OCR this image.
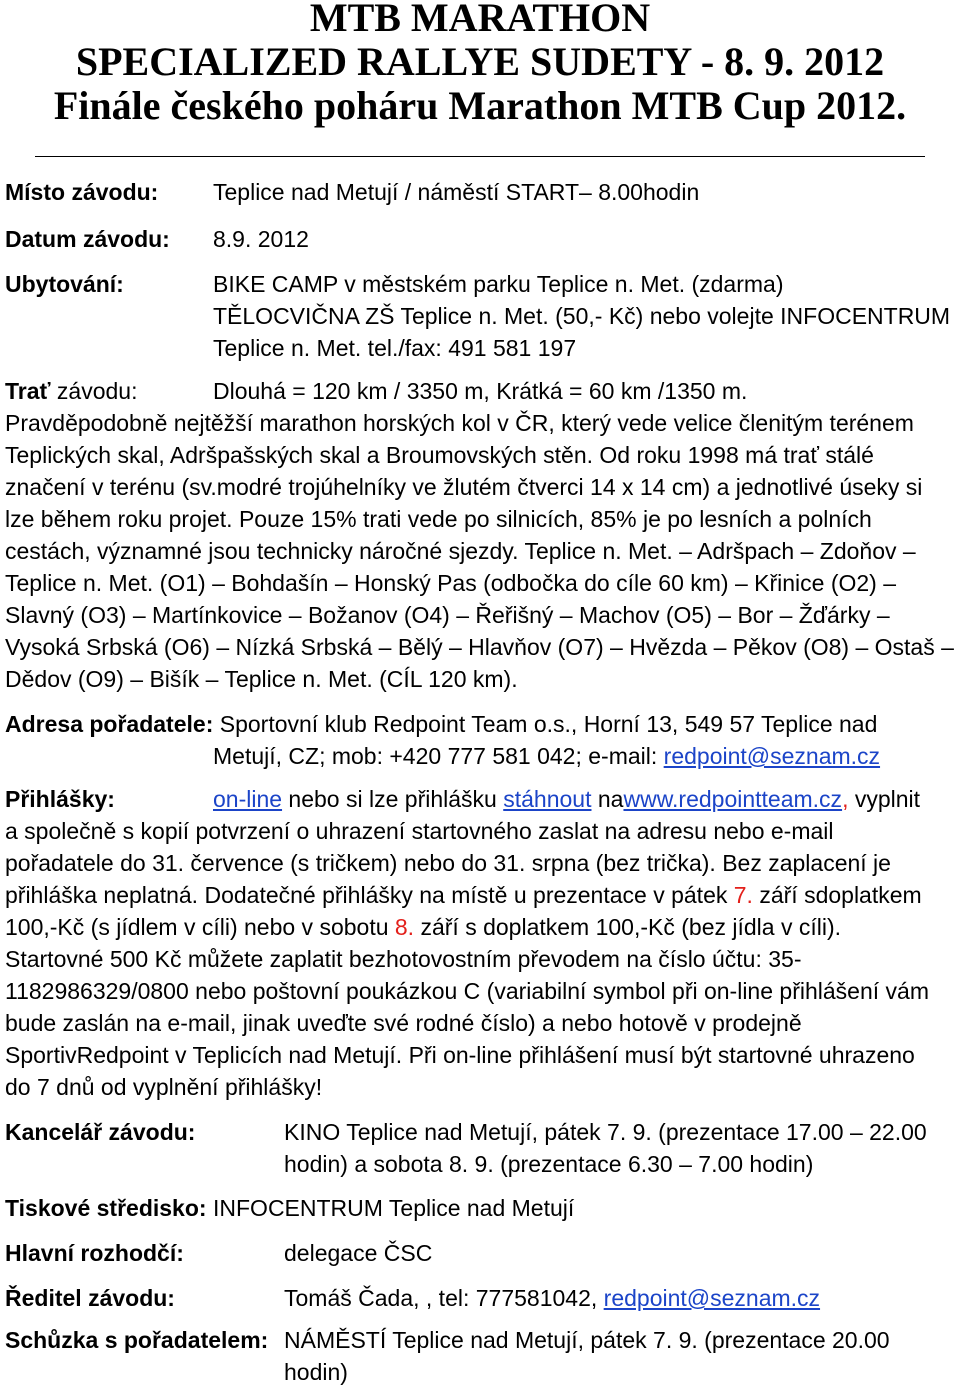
MTB MARATHON
SPECIALIZED RALLYE SUDETY - 8. 9. 2012
Finále českého poháru Marathon MTB Cup 2012.
Místo závodu: Teplice nad Metují / náměstí START– 8.00hodin
Datum závodu: 8.9. 2012
Ubytování:	BIKE CAMP v městském parku Teplice n. Met. (zdarma)
TĚLOCVIČNA ZŠ Teplice n. Met. (50,- Kč) nebo volejte INFOCENTRUM
Teplice n. Met. tel./fax: 491 581 197
Trať závodu:	Dlouhá = 120 km / 3350 m, Krátká = 60 km /1350 m.
Pravděpodobně nejtěžší marathon horských kol v ČR, který vede velice členitým terénem
Teplických skal, Adršpašských skal a Broumovských stěn. Od roku 1998 má trať stálé
značení v terénu (sv.modré trojúhelníky ve žlutém čtverci 14 x 14 cm) a jednotlivé úseky si
lze během roku projet. Pouze 15% trati vede po silnicích, 85% je po lesních a polních
cestách, významné jsou technicky náročné sjezdy. Teplice n. Met. – Adršpach – Zdoňov –
Teplice n. Met. (O1) – Bohdašín – Honský Pas (odbočka do cíle 60 km) – Křinice (O2) –
Slavný (O3) – Martínkovice – Božanov (O4) – Řeřišný – Machov (O5) – Bor – Žďárky –
Vysoká Srbská (O6) – Nízká Srbská – Bělý – Hlavňov (O7) – Hvězda – Pěkov (O8) – Ostaš –
Dědov (O9) – Bišík – Teplice n. Met. (CÍL 120 km).
Adresa pořadatele: Sportovní klub Redpoint Team o.s., Horní 13, 549 57 Teplice nad
Metují, CZ; mob: +420 777 581 042; e-mail: redpoint@seznam.cz
Přihlášky:	on-line nebo si lze přihlášku stáhnout nawww.redpointteam.cz, vyplnit
a společně s kopií potvrzení o uhrazení startovného zaslat na adresu nebo e-mail
pořadatele do 31. července (s tričkem) nebo do 31. srpna (bez trička). Bez zaplacení je
přihláška neplatná. Dodatečné přihlášky na místě u prezentace v pátek 7. září sdoplatkem
100,-Kč (s jídlem v cíli) nebo v sobotu 8. září s doplatkem 100,-Kč (bez jídla v cíli).
Startovné 500 Kč můžete zaplatit bezhotovostním převodem na číslo účtu: 35-
1182986329/0800 nebo poštovní poukázkou C (variabilní symbol při on-line přihlášení vám
bude zaslán na e-mail, jinak uveďte své rodné číslo) a nebo hotově v prodejně
SportivRedpoint v Teplicích nad Metují. Při on-line přihlášení musí být startovné uhrazeno
do 7 dnů od vyplnění přihlášky!
Kancelář závodu:	KINO Teplice nad Metují, pátek 7. 9. (prezentace 17.00 – 22.00
hodin) a sobota 8. 9. (prezentace 6.30 – 7.00 hodin)
Tiskové středisko: INFOCENTRUM Teplice nad Metují
Hlavní rozhodčí:	delegace ČSC
Ředitel závodu:	Tomáš Čada, , tel: 777581042, redpoint@seznam.cz
Schůzka s pořadatelem: NÁMĚSTÍ Teplice nad Metují, pátek 7. 9. (prezentace 20.00
hodin)
